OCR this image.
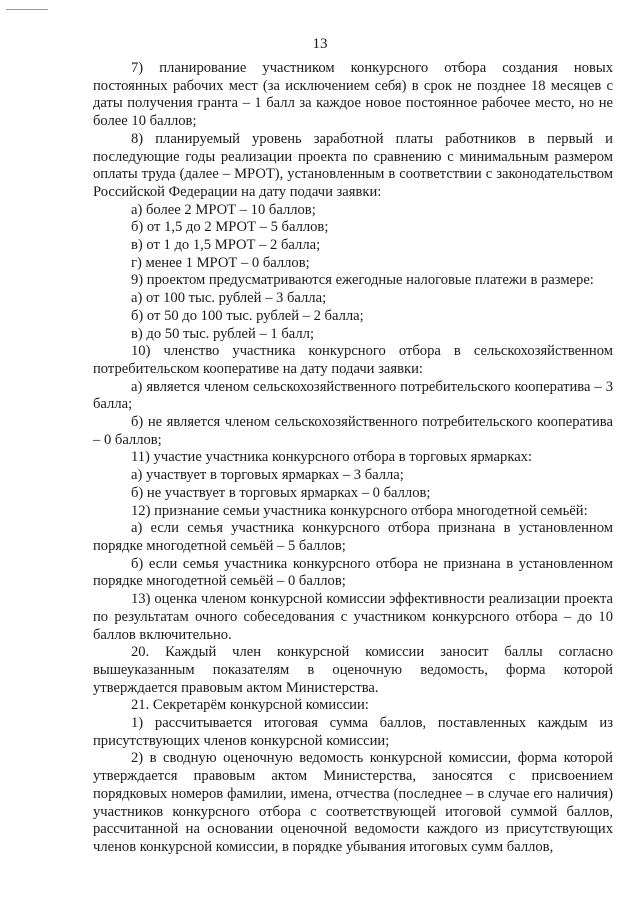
13

7) планирование участником конкурсного отбора создания новых постоянных рабочих мест (за исключением себя) в срок не позднее 18 месяцев с даты получения гранта – 1 балл за каждое новое постоянное рабочее место, но не более 10 баллов;

8) планируемый уровень заработной платы работников в первый и последующие годы реализации проекта по сравнению с минимальным размером оплаты труда (далее – МРОТ), установленным в соответствии с законодательством Российской Федерации на дату подачи заявки:

а) более 2 МРОТ – 10 баллов;

б) от 1,5 до 2 МРОТ – 5 баллов;

в) от 1 до 1,5 МРОТ – 2 балла;

г) менее 1 МРОТ – 0 баллов;

9) проектом предусматриваются ежегодные налоговые платежи в размере:

а) от 100 тыс. рублей – 3 балла;

б) от 50 до 100 тыс. рублей – 2 балла;

в) до 50 тыс. рублей – 1 балл;

10) членство участника конкурсного отбора в сельскохозяйственном потребительском кооперативе на дату подачи заявки:

а) является членом сельскохозяйственного потребительского кооператива – 3 балла;

б) не является членом сельскохозяйственного потребительского кооператива – 0 баллов;

11) участие участника конкурсного отбора в торговых ярмарках:

а) участвует в торговых ярмарках – 3 балла;

б) не участвует в торговых ярмарках – 0 баллов;

12) признание семьи участника конкурсного отбора многодетной семьёй:

а) если семья участника конкурсного отбора признана в установленном порядке многодетной семьёй – 5 баллов;

б) если семья участника конкурсного отбора не признана в установленном порядке многодетной семьёй – 0 баллов;

13) оценка членом конкурсной комиссии эффективности реализации проекта по результатам очного собеседования с участником конкурсного отбора – до 10 баллов включительно.

20. Каждый член конкурсной комиссии заносит баллы согласно вышеуказанным показателям в оценочную ведомость, форма которой утверждается правовым актом Министерства.

21. Секретарём конкурсной комиссии:

1) рассчитывается итоговая сумма баллов, поставленных каждым из присутствующих членов конкурсной комиссии;

2) в сводную оценочную ведомость конкурсной комиссии, форма которой утверждается правовым актом Министерства, заносятся с присвоением порядковых номеров фамилии, имена, отчества (последнее – в случае его наличия) участников конкурсного отбора с соответствующей итоговой суммой баллов, рассчитанной на основании оценочной ведомости каждого из присутствующих членов конкурсной комиссии, в порядке убывания итоговых сумм баллов,
